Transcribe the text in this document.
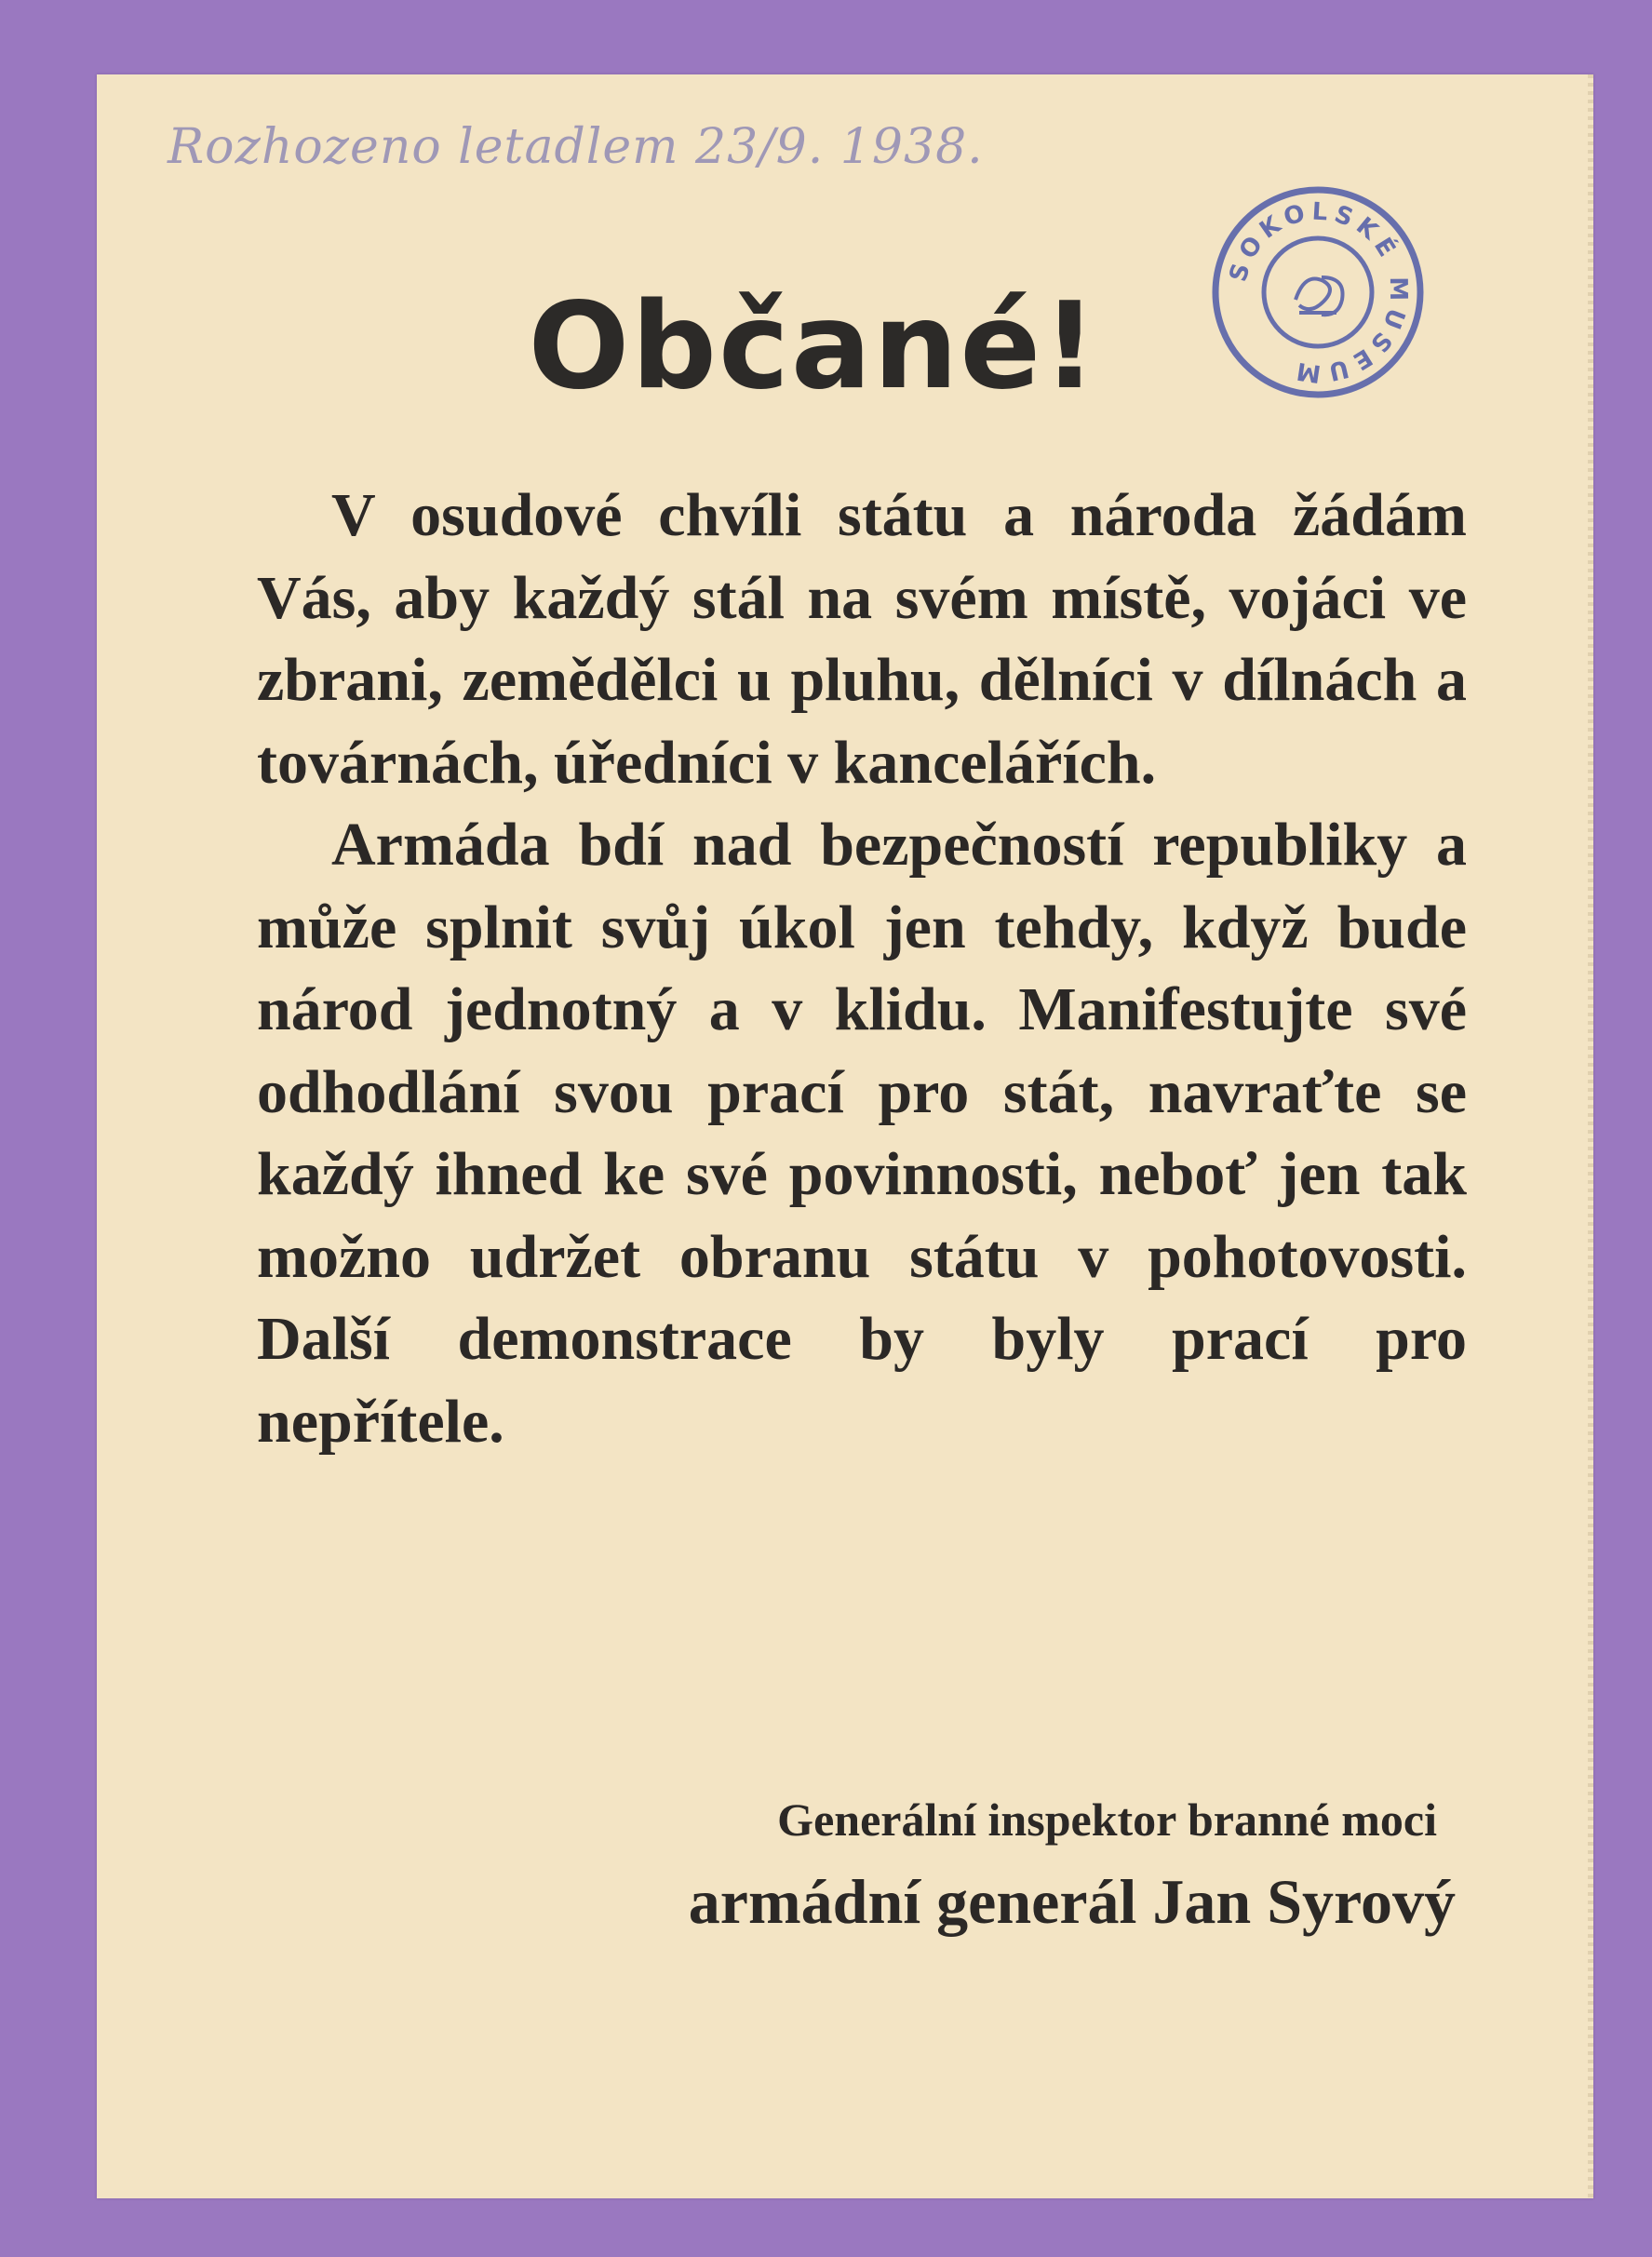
Rozhozeno letadlem 23/9. 1938.
Občané!
SOKOLSKÉ MUSEUM

V osudové chvíli státu a národa žádám Vás, aby každý stál na svém místě, vojáci ve zbrani, zemědělci u pluhu, dělníci v dílnách a továrnách, úředníci v kancelářích.

Armáda bdí nad bezpečností republiky a může splnit svůj úkol jen tehdy, když bude národ jednotný a v klidu. Manifestujte své odhodlání svou prací pro stát, navraťte se každý ihned ke své povinnosti, neboť jen tak možno udržet obranu státu v pohotovosti. Další demonstrace by byly prací pro nepřítele.

Generální inspektor branné moci
armádní generál Jan Syrový
